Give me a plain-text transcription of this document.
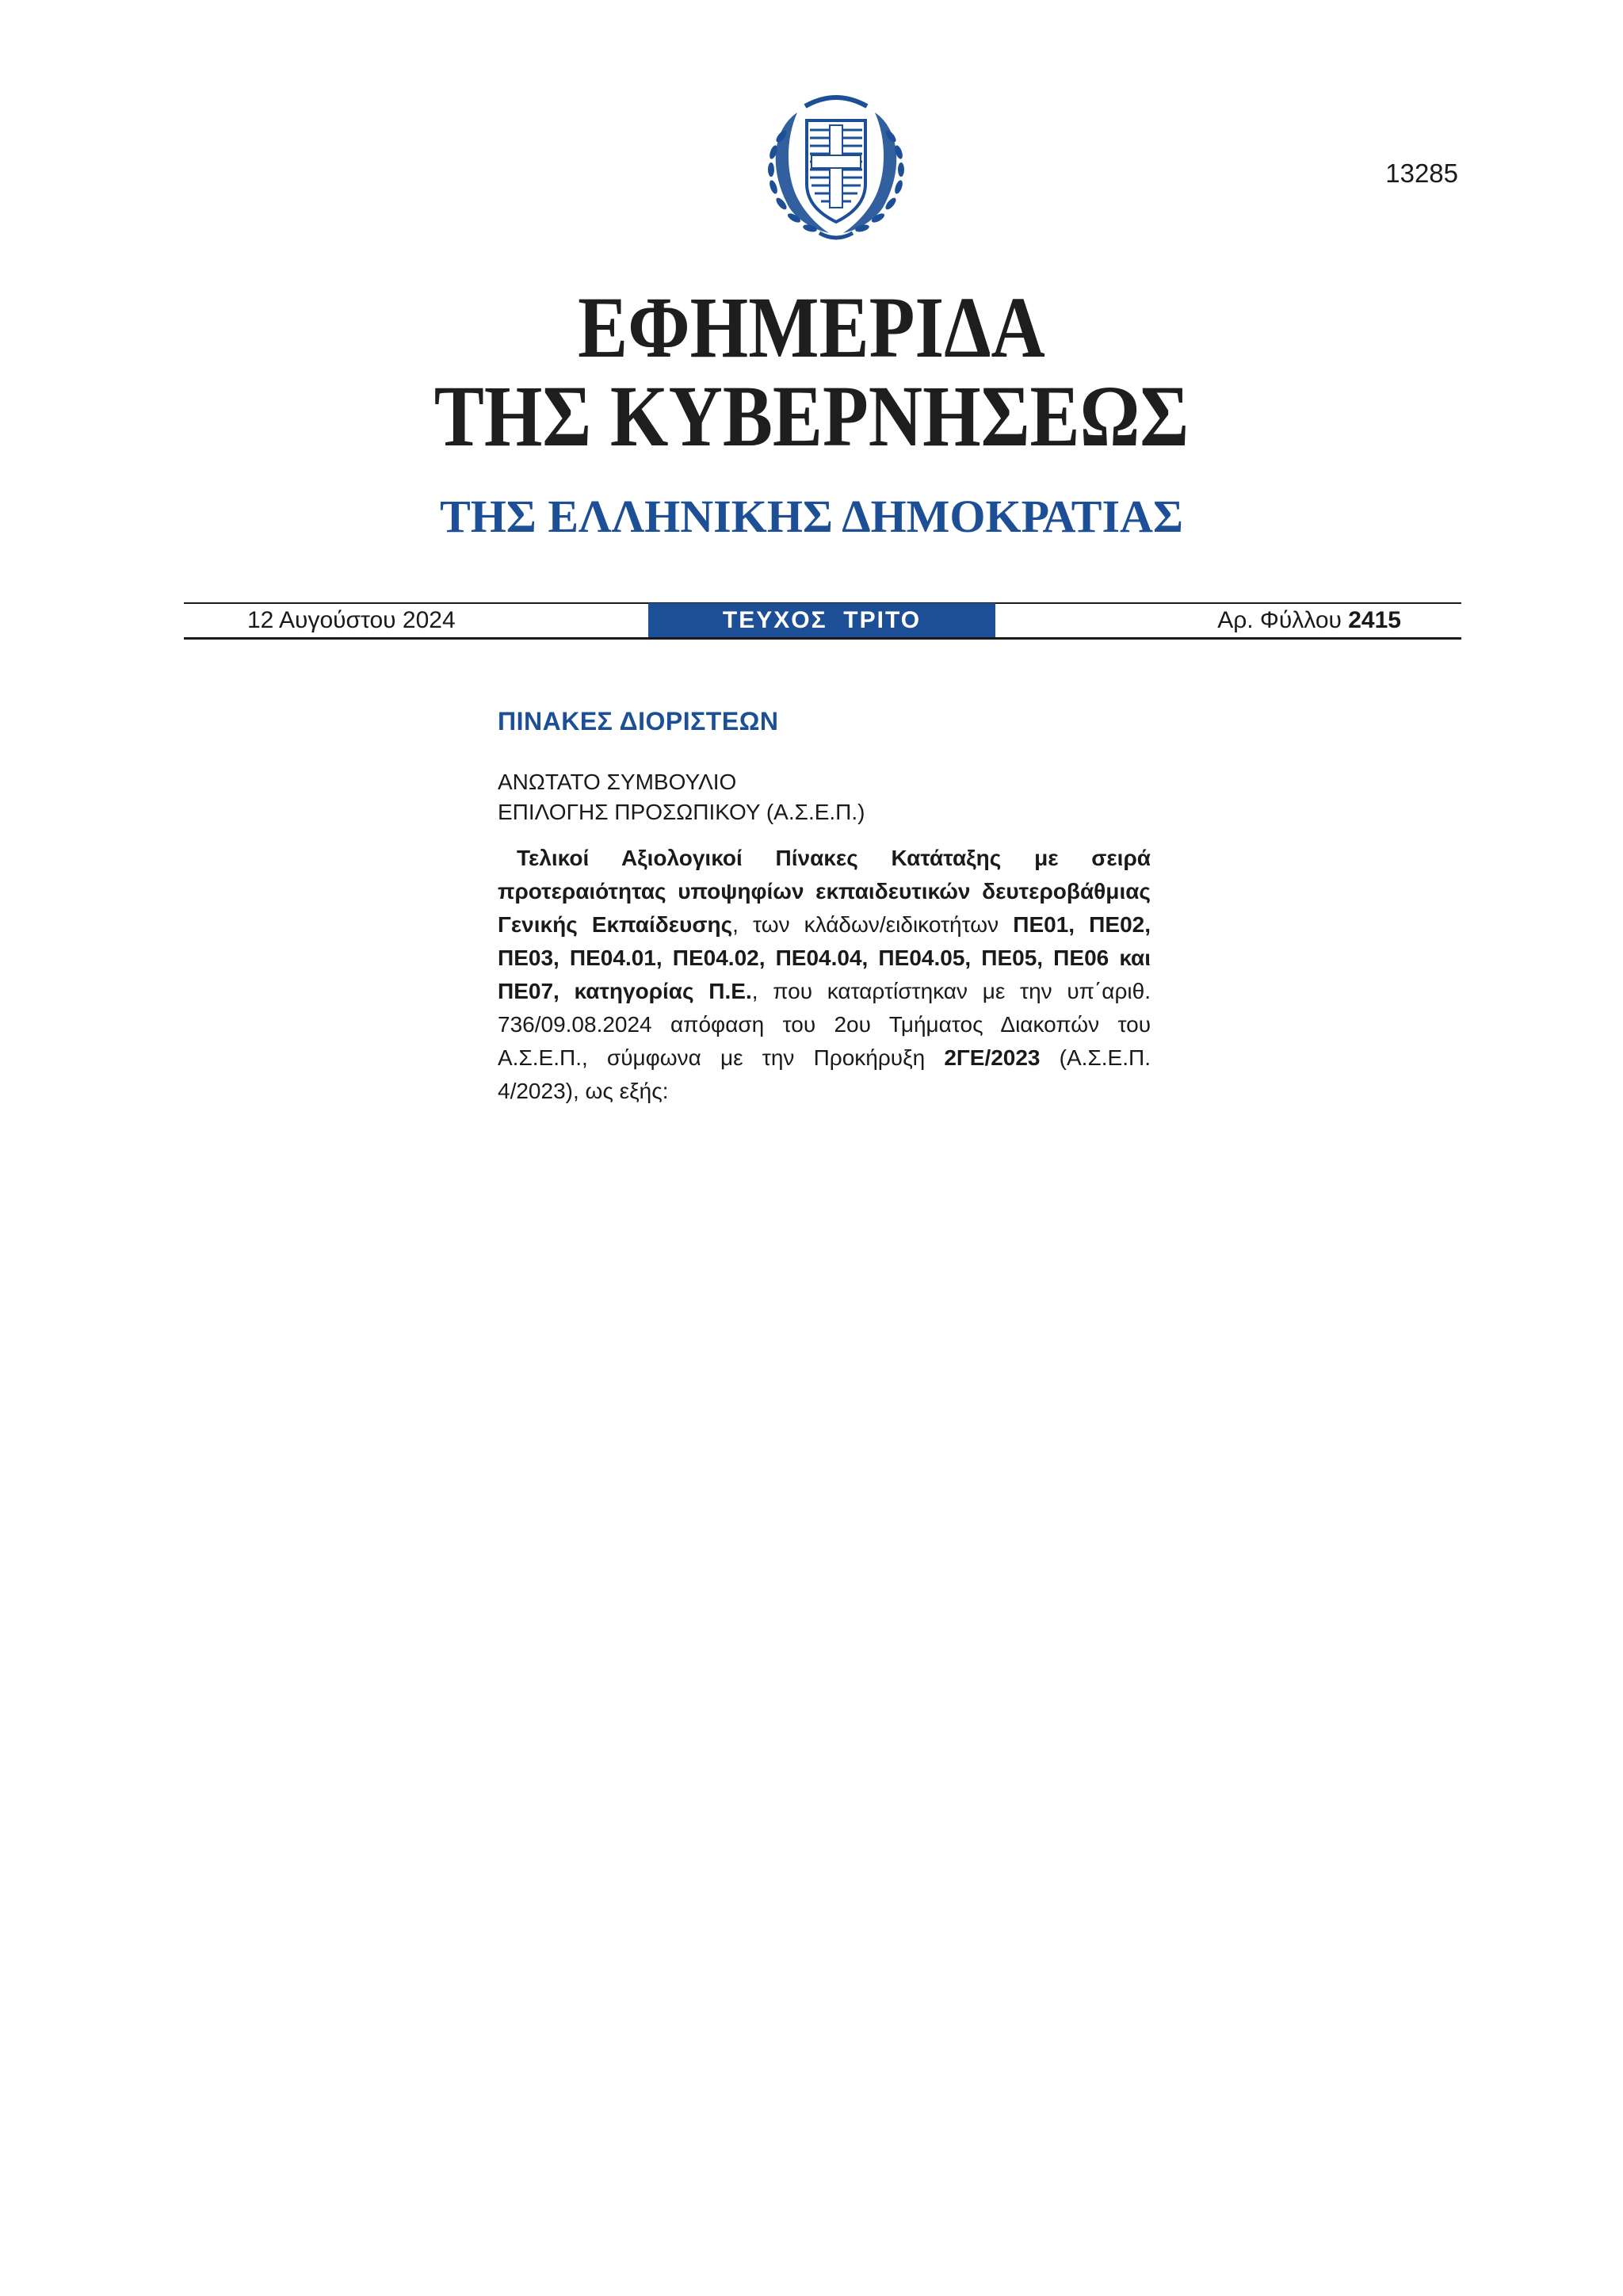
13285
ΕΦΗΜΕΡΙΔΑ
ΤΗΣ ΚΥΒΕΡΝΗΣΕΩΣ
ΤΗΣ ΕΛΛΗΝΙΚΗΣ ΔΗΜΟΚΡΑΤΙΑΣ
12 Αυγούστου 2024	ΤΕΥΧΟΣ  ΤΡΙΤΟ	Αρ. Φύλλου 2415
ΠΙΝΑΚΕΣ ΔΙΟΡΙΣΤΕΩΝ
ΑΝΩΤΑΤΟ ΣΥΜΒΟΥΛΙΟ
ΕΠΙΛΟΓΗΣ ΠΡΟΣΩΠΙΚΟΥ (Α.Σ.Ε.Π.)
Τελικοί Αξιολογικοί Πίνακες Κατάταξης με σειρά προτεραιότητας υποψηφίων εκπαιδευτικών δευτεροβάθμιας Γενικής Εκπαίδευσης, των κλάδων/ειδικοτήτων ΠΕ01, ΠΕ02, ΠΕ03, ΠΕ04.01, ΠΕ04.02, ΠΕ04.04, ΠΕ04.05, ΠΕ05, ΠΕ06 και ΠΕ07, κατηγορίας Π.Ε., που καταρτίστηκαν με την υπ΄αριθ. 736/09.08.2024 απόφαση του 2ου Τμήματος Διακοπών του Α.Σ.Ε.Π., σύμφωνα με την Προκήρυξη 2ΓΕ/2023 (Α.Σ.Ε.Π. 4/2023), ως εξής:
